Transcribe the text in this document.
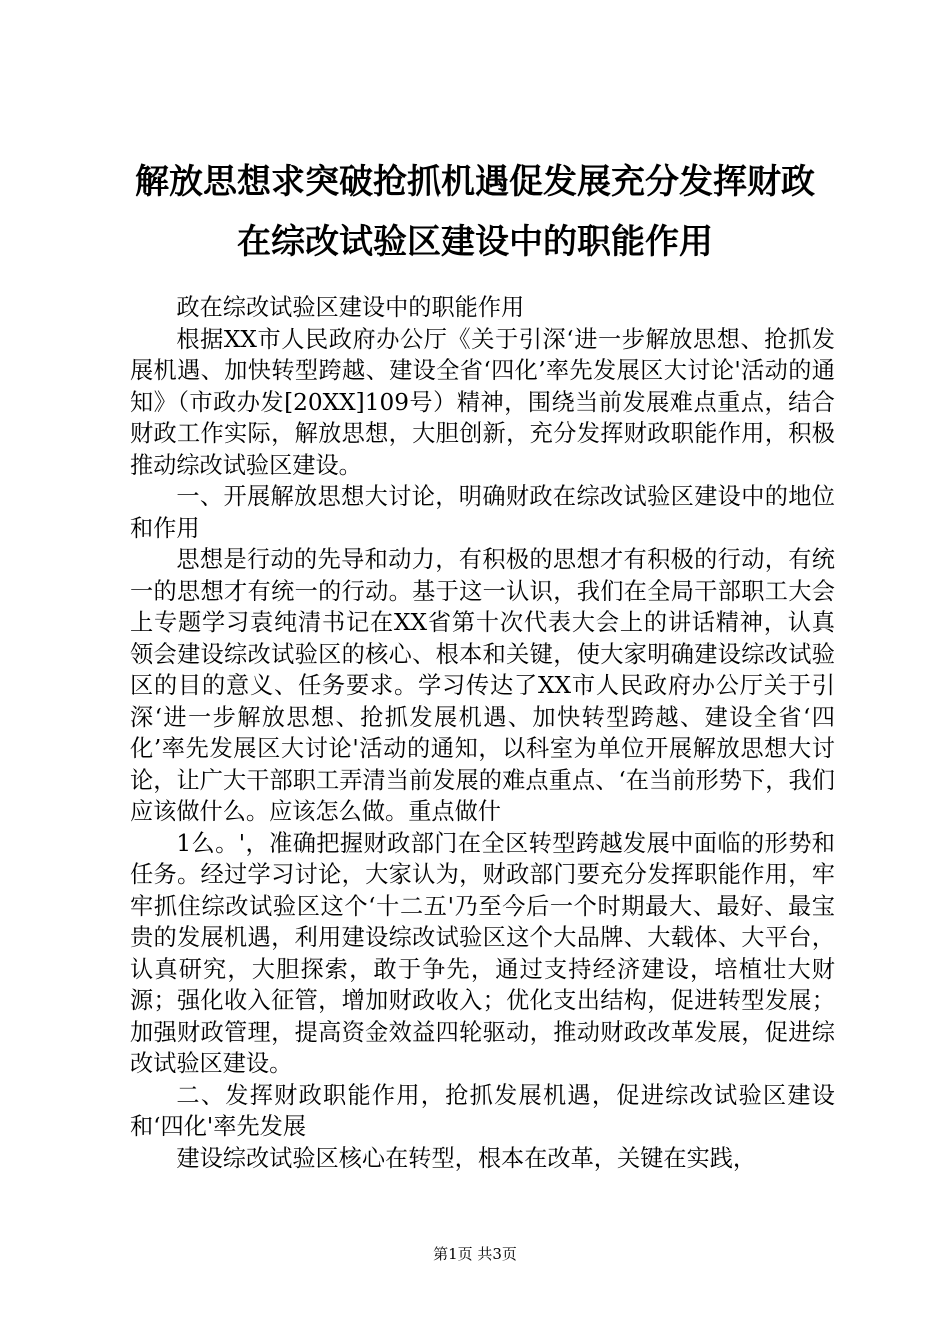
解放思想求突破抢抓机遇促发展充分发挥财政
在综改试验区建设中的职能作用

政在综改试验区建设中的职能作用

根据XX市人民政府办公厅《关于引深‘进一步解放思想、抢抓发展机遇、加快转型跨越、建设全省‘四化’率先发展区大讨论'活动的通知》（市政办发[20XX]109号）精神，围绕当前发展难点重点，结合财政工作实际，解放思想，大胆创新，充分发挥财政职能作用，积极推动综改试验区建设。

一、开展解放思想大讨论，明确财政在综改试验区建设中的地位和作用

思想是行动的先导和动力，有积极的思想才有积极的行动，有统一的思想才有统一的行动。基于这一认识，我们在全局干部职工大会上专题学习袁纯清书记在XX省第十次代表大会上的讲话精神，认真领会建设综改试验区的核心、根本和关键，使大家明确建设综改试验区的目的意义、任务要求。学习传达了XX市人民政府办公厅关于引深‘进一步解放思想、抢抓发展机遇、加快转型跨越、建设全省‘四化’率先发展区大讨论'活动的通知，以科室为单位开展解放思想大讨论，让广大干部职工弄清当前发展的难点重点、‘在当前形势下，我们应该做什么。应该怎么做。重点做什

1么。'，准确把握财政部门在全区转型跨越发展中面临的形势和任务。经过学习讨论，大家认为，财政部门要充分发挥职能作用，牢牢抓住综改试验区这个‘十二五'乃至今后一个时期最大、最好、最宝贵的发展机遇，利用建设综改试验区这个大品牌、大载体、大平台，认真研究，大胆探索，敢于争先，通过支持经济建设，培植壮大财源；强化收入征管，增加财政收入；优化支出结构，促进转型发展；加强财政管理，提高资金效益四轮驱动，推动财政改革发展，促进综改试验区建设。

二、发挥财政职能作用，抢抓发展机遇，促进综改试验区建设和‘四化'率先发展

建设综改试验区核心在转型，根本在改革，关键在实践，

第1页 共3页
